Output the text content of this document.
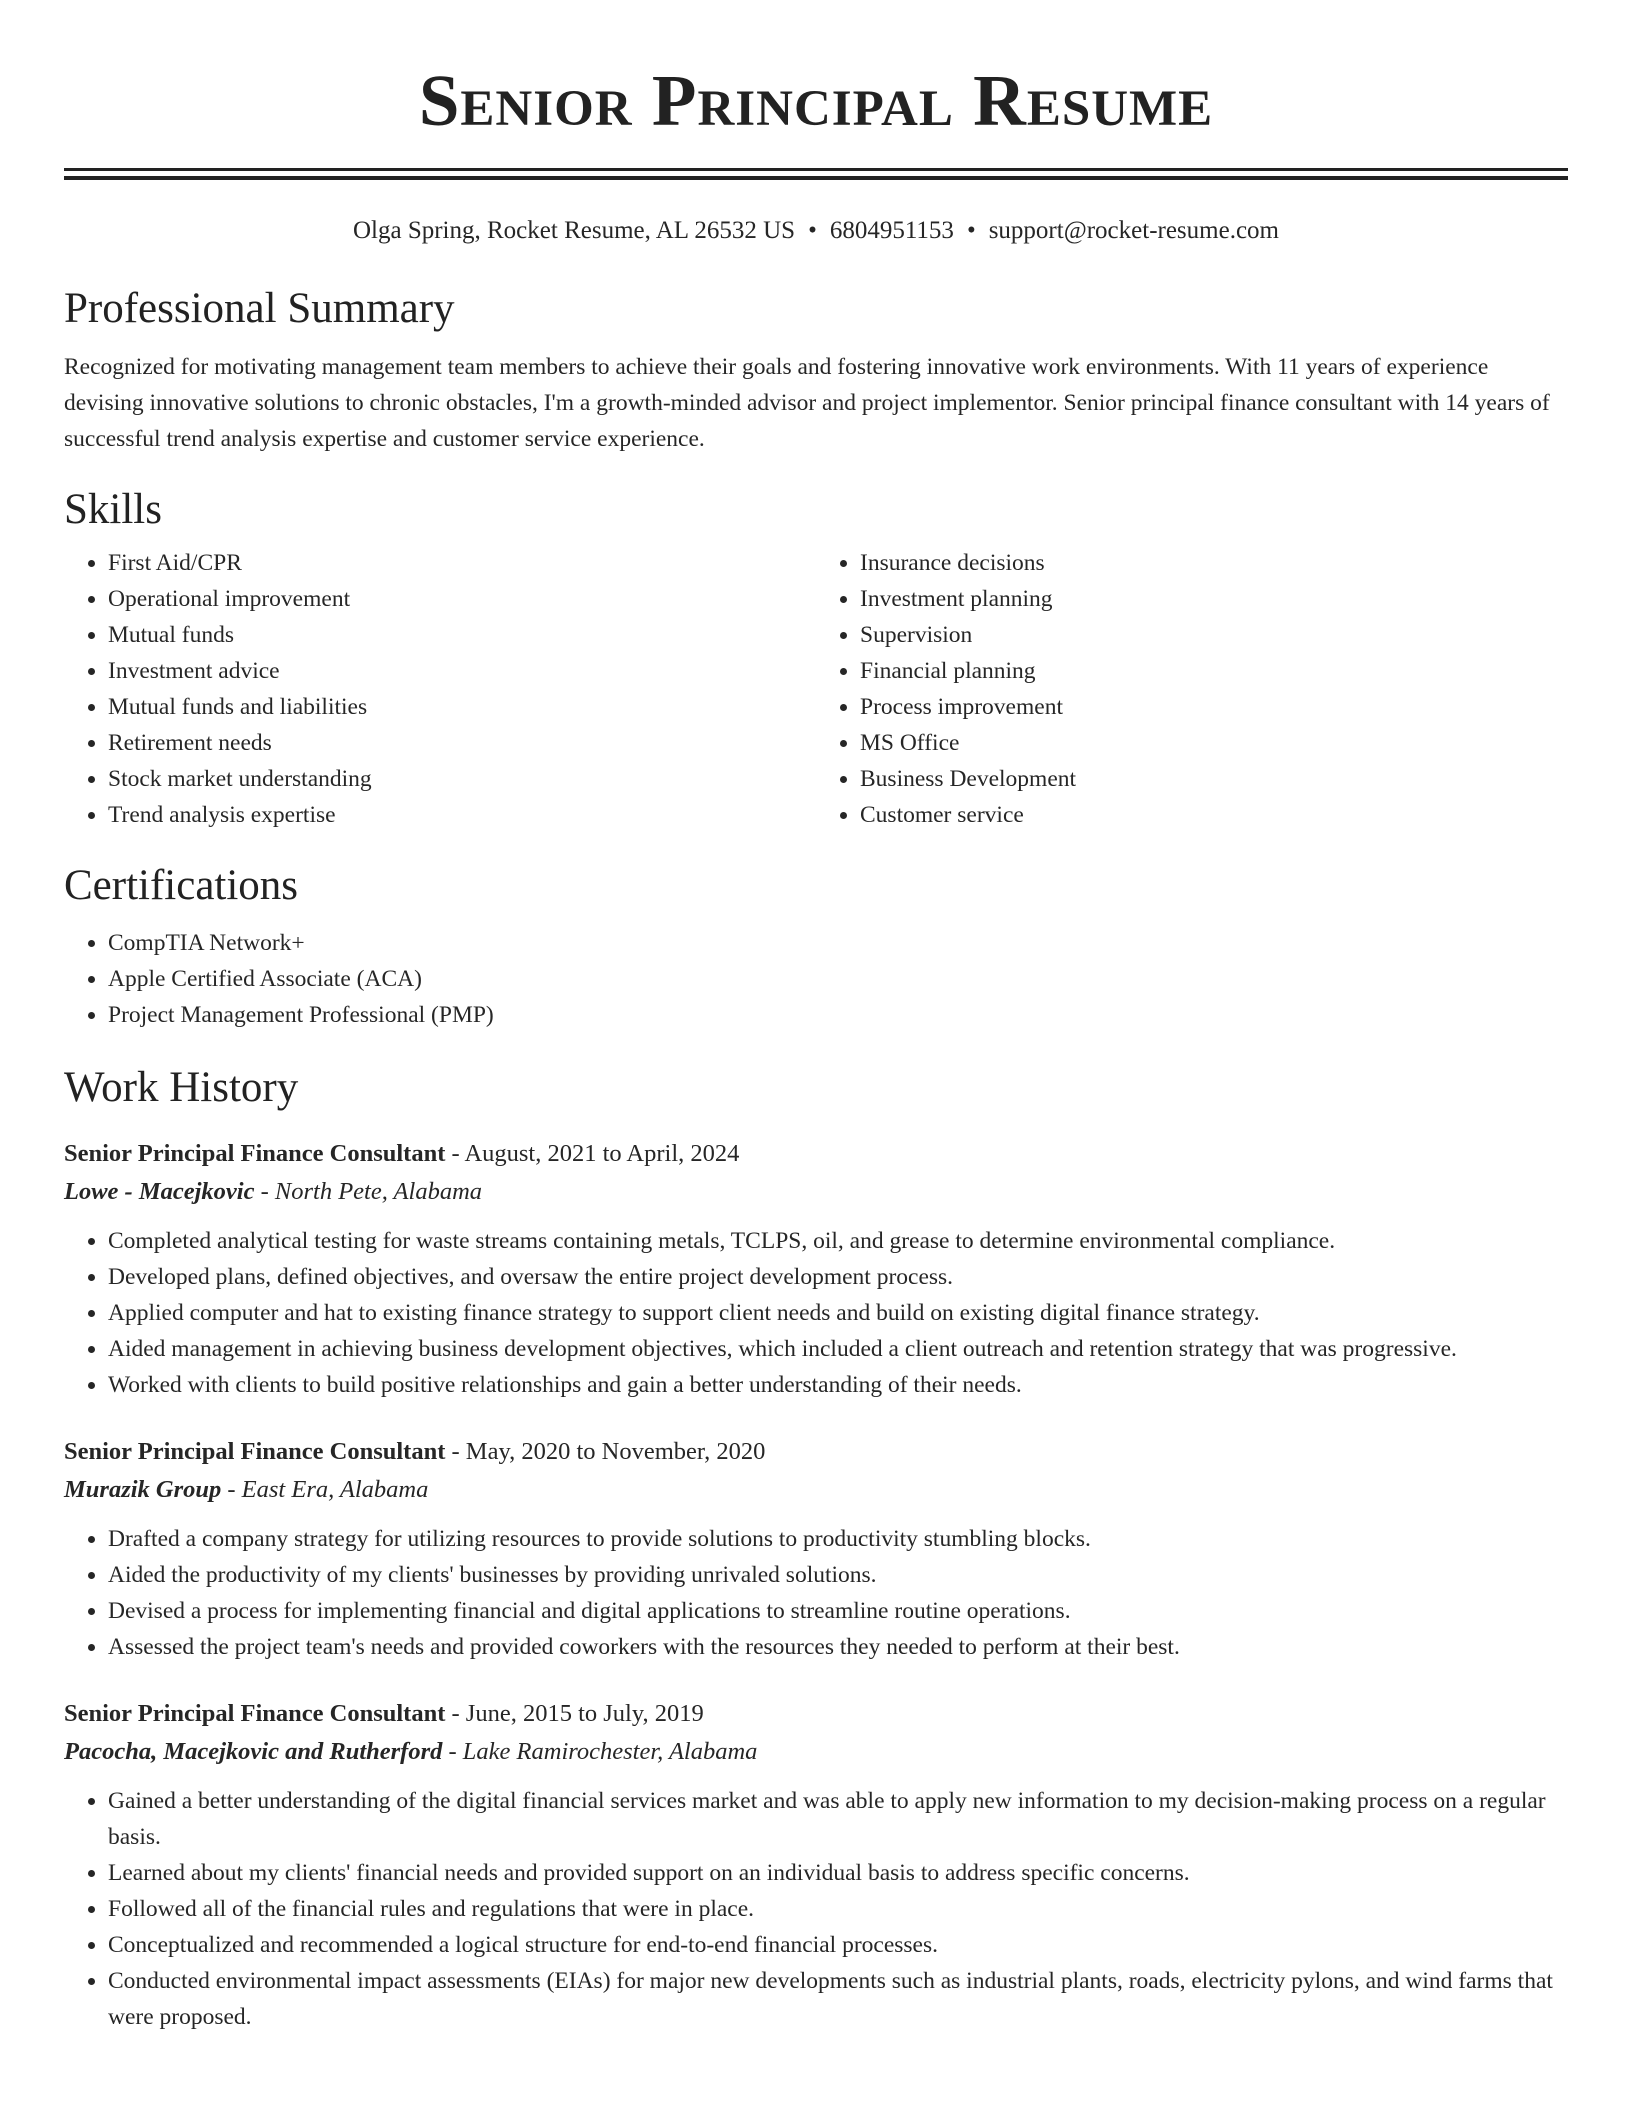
Senior Principal Resume
Olga Spring, Rocket Resume, AL 26532 US • 6804951153 • support@rocket-resume.com
Professional Summary
Recognized for motivating management team members to achieve their goals and fostering innovative work environments. With 11 years of experience devising innovative solutions to chronic obstacles, I'm a growth-minded advisor and project implementor. Senior principal finance consultant with 14 years of successful trend analysis expertise and customer service experience.
Skills
• First Aid/CPR
• Operational improvement
• Mutual funds
• Investment advice
• Mutual funds and liabilities
• Retirement needs
• Stock market understanding
• Trend analysis expertise
• Insurance decisions
• Investment planning
• Supervision
• Financial planning
• Process improvement
• MS Office
• Business Development
• Customer service
Certifications
• CompTIA Network+
• Apple Certified Associate (ACA)
• Project Management Professional (PMP)
Work History
Senior Principal Finance Consultant - August, 2021 to April, 2024
Lowe - Macejkovic - North Pete, Alabama
• Completed analytical testing for waste streams containing metals, TCLPS, oil, and grease to determine environmental compliance.
• Developed plans, defined objectives, and oversaw the entire project development process.
• Applied computer and hat to existing finance strategy to support client needs and build on existing digital finance strategy.
• Aided management in achieving business development objectives, which included a client outreach and retention strategy that was progressive.
• Worked with clients to build positive relationships and gain a better understanding of their needs.
Senior Principal Finance Consultant - May, 2020 to November, 2020
Murazik Group - East Era, Alabama
• Drafted a company strategy for utilizing resources to provide solutions to productivity stumbling blocks.
• Aided the productivity of my clients' businesses by providing unrivaled solutions.
• Devised a process for implementing financial and digital applications to streamline routine operations.
• Assessed the project team's needs and provided coworkers with the resources they needed to perform at their best.
Senior Principal Finance Consultant - June, 2015 to July, 2019
Pacocha, Macejkovic and Rutherford - Lake Ramirochester, Alabama
• Gained a better understanding of the digital financial services market and was able to apply new information to my decision-making process on a regular basis.
• Learned about my clients' financial needs and provided support on an individual basis to address specific concerns.
• Followed all of the financial rules and regulations that were in place.
• Conceptualized and recommended a logical structure for end-to-end financial processes.
• Conducted environmental impact assessments (EIAs) for major new developments such as industrial plants, roads, electricity pylons, and wind farms that were proposed.
